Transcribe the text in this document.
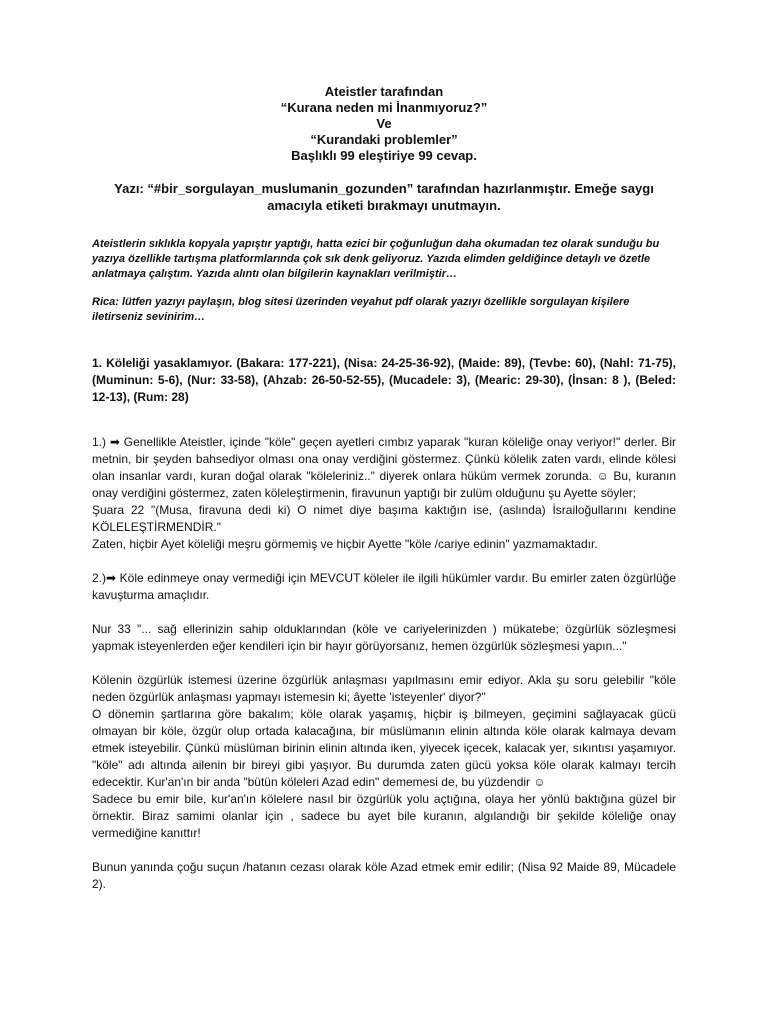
Ateistler tarafından
“Kurana neden mi İnanmıyoruz?”
Ve
“Kurandaki problemler”
Başlıklı 99 eleştiriye 99 cevap.
Yazı: “#bir_sorgulayan_muslumanin_gozunden” tarafından hazırlanmıştır. Emeğe saygı amacıyla etiketi bırakmayı unutmayın.
Ateistlerin sıklıkla kopyala yapıştır yaptığı, hatta ezici bir çoğunluğun daha okumadan tez olarak sunduğu bu yazıya özellikle tartışma platformlarında çok sık denk geliyoruz. Yazıda elimden geldiğince detaylı ve özetle anlatmaya çalıştım. Yazıda alıntı olan bilgilerin kaynakları verilmiştir…
Rica: lütfen yazıyı paylaşın, blog sitesi üzerinden veyahut pdf olarak yazıyı özellikle sorgulayan kişilere iletirseniz sevinirim…
1. Köleliği yasaklamıyor. (Bakara: 177-221), (Nisa: 24-25-36-92), (Maide: 89), (Tevbe: 60), (Nahl: 71-75), (Muminun: 5-6), (Nur: 33-58), (Ahzab: 26-50-52-55), (Mucadele: 3), (Mearic: 29-30), (İnsan: 8 ), (Beled: 12-13), (Rum: 28)

1.) ➡ Genellikle Ateistler, içinde "köle" geçen ayetleri cımbız yaparak "kuran köleliğe onay veriyor!" derler. Bir metnin, bir şeyden bahsediyor olması ona onay verdiğini göstermez. Çünkü kölelik zaten vardı, elinde kölesi olan insanlar vardı, kuran doğal olarak "köleleriniz.." diyerek onlara hüküm vermek zorunda. ☺ Bu, kuranın onay verdiğini göstermez, zaten köleleştirmenin, firavunun yaptığı bir zulüm olduğunu şu Ayette söyler;

Şuara 22 "(Musa, firavuna dedi ki) O nimet diye başıma kaktığın ise, (aslında) İsrailoğullarını kendine KÖLELEŞTİRMENDİR."

Zaten, hiçbir Ayet köleliği meşru görmemiş ve hiçbir Ayette "köle /cariye edinin" yazmamaktadır.

2.)➡ Köle edinmeye onay vermediği için MEVCUT köleler ile ilgili hükümler vardır. Bu emirler zaten özgürlüğe kavuşturma amaçlıdır.

Nur 33 "... sağ ellerinizin sahip olduklarından (köle ve cariyelerinizden ) mükatebe; özgürlük sözleşmesi yapmak isteyenlerden eğer kendileri için bir hayır görüyorsanız, hemen özgürlük sözleşmesi yapın..."

Kölenin özgürlük istemesi üzerine özgürlük anlaşması yapılmasını emir ediyor. Akla şu soru gelebilir "köle neden özgürlük anlaşması yapmayı istemesin ki; âyette 'isteyenler' diyor?"

O dönemin şartlarına göre bakalım; köle olarak yaşamış, hiçbir iş bilmeyen, geçimini sağlayacak gücü olmayan bir köle, özgür olup ortada kalacağına, bir müslümanın elinin altında köle olarak kalmaya devam etmek isteyebilir. Çünkü müslüman birinin elinin altında iken, yiyecek içecek, kalacak yer, sıkıntısı yaşamıyor. "köle" adı altında ailenin bir bireyi gibi yaşıyor. Bu durumda zaten gücü yoksa köle olarak kalmayı tercih edecektir. Kur'an'ın bir anda "bütün köleleri Azad edin" dememesi de, bu yüzdendir ☺

Sadece bu emir bile, kur'an'ın kölelere nasıl bir özgürlük yolu açtığına, olaya her yönlü baktığına güzel bir örnektir. Biraz samimi olanlar için , sadece bu ayet bile kuranın, algılandığı bir şekilde köleliğe onay vermediğine kanıttır!

Bunun yanında çoğu suçun /hatanın cezası olarak köle Azad etmek emir edilir; (Nisa 92 Maide 89, Mücadele 2).
